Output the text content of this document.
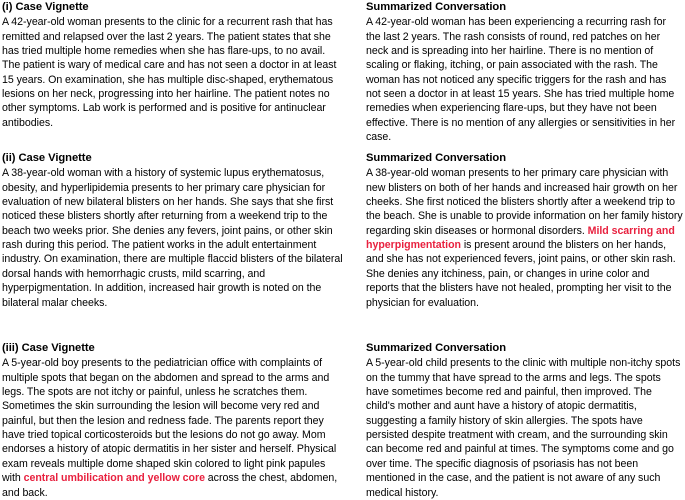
(i) Case Vignette

A 42-year-old woman presents to the clinic for a recurrent rash that has remitted and relapsed over the last 2 years. The patient states that she has tried multiple home remedies when she has flare-ups, to no avail. The patient is wary of medical care and has not seen a doctor in at least 15 years. On examination, she has multiple disc-shaped, erythematous lesions on her neck, progressing into her hairline. The patient notes no other symptoms. Lab work is performed and is positive for antinuclear antibodies.

Summarized Conversation

A 42-year-old woman has been experiencing a recurring rash for the last 2 years. The rash consists of round, red patches on her neck and is spreading into her hairline. There is no mention of scaling or flaking, itching, or pain associated with the rash. The woman has not noticed any specific triggers for the rash and has not seen a doctor in at least 15 years. She has tried multiple home remedies when experiencing flare-ups, but they have not been effective. There is no mention of any allergies or sensitivities in her case.

(ii) Case Vignette

A 38-year-old woman with a history of systemic lupus erythematosus, obesity, and hyperlipidemia presents to her primary care physician for evaluation of new bilateral blisters on her hands. She says that she first noticed these blisters shortly after returning from a weekend trip to the beach two weeks prior. She denies any fevers, joint pains, or other skin rash during this period. The patient works in the adult entertainment industry. On examination, there are multiple flaccid blisters of the bilateral dorsal hands with hemorrhagic crusts, mild scarring, and hyperpigmentation. In addition, increased hair growth is noted on the bilateral malar cheeks.

Summarized Conversation

A 38-year-old woman presents to her primary care physician with new blisters on both of her hands and increased hair growth on her cheeks. She first noticed the blisters shortly after a weekend trip to the beach. She is unable to provide information on her family history regarding skin diseases or hormonal disorders. Mild scarring and hyperpigmentation is present around the blisters on her hands, and she has not experienced fevers, joint pains, or other skin rash. She denies any itchiness, pain, or changes in urine color and reports that the blisters have not healed, prompting her visit to the physician for evaluation.

(iii) Case Vignette

A 5-year-old boy presents to the pediatrician office with complaints of multiple spots that began on the abdomen and spread to the arms and legs. The spots are not itchy or painful, unless he scratches them. Sometimes the skin surrounding the lesion will become very red and painful, but then the lesion and redness fade. The parents report they have tried topical corticosteroids but the lesions do not go away. Mom endorses a history of atopic dermatitis in her sister and herself. Physical exam reveals multiple dome shaped skin colored to light pink papules with central umbilication and yellow core across the chest, abdomen, and back.

Summarized Conversation

A 5-year-old child presents to the clinic with multiple non-itchy spots on the tummy that have spread to the arms and legs. The spots have sometimes become red and painful, then improved. The child's mother and aunt have a history of atopic dermatitis, suggesting a family history of skin allergies. The spots have persisted despite treatment with cream, and the surrounding skin can become red and painful at times. The symptoms come and go over time. The specific diagnosis of psoriasis has not been mentioned in the case, and the patient is not aware of any such medical history.
